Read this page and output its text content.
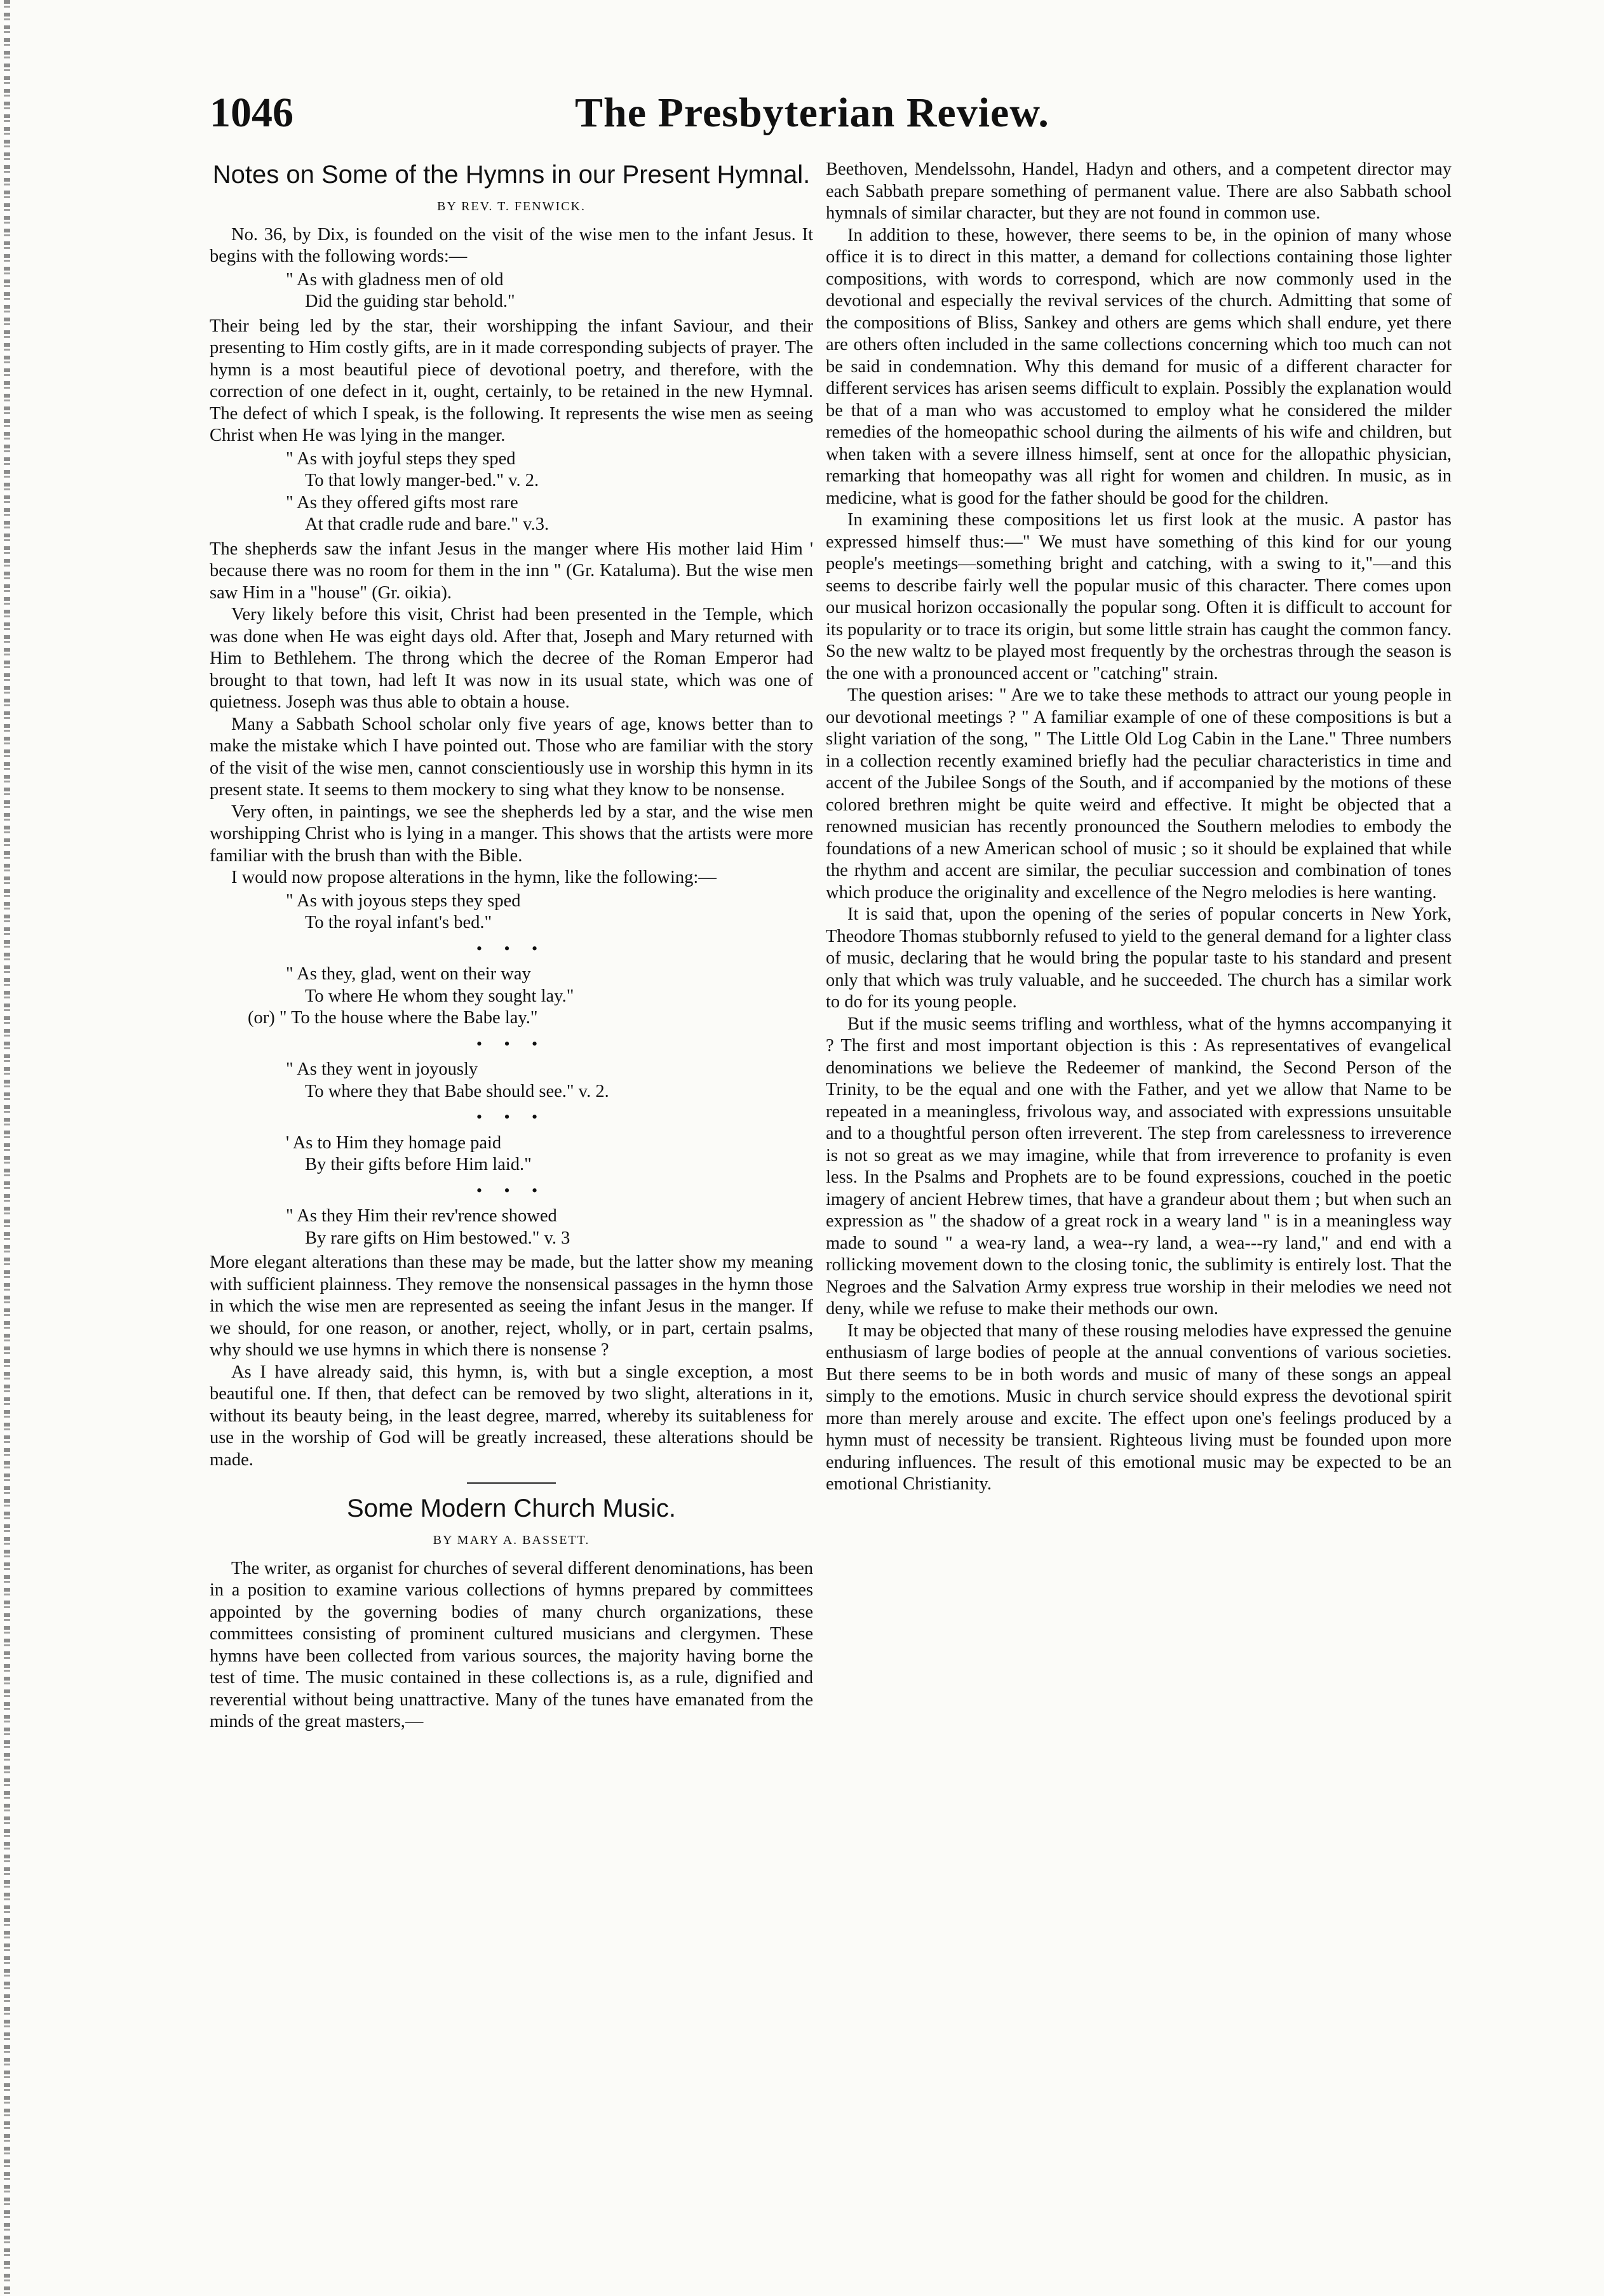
1046	The Presbyterian Review.
Notes on Some of the Hymns in our Present Hymnal.
BY REV. T. FENWICK.

No. 36, by Dix, is founded on the visit of the wise men to the infant Jesus. It begins with the following words:—

" As with gladness men of old
Did the guiding star behold."

Their being led by the star, their worshipping the infant Saviour, and their presenting to Him costly gifts, are in it made corresponding subjects of prayer. The hymn is a most beautiful piece of devotional poetry, and therefore, with the correction of one defect in it, ought, certainly, to be retained in the new Hymnal. The defect of which I speak, is the following. It represents the wise men as seeing Christ when He was lying in the manger.

" As with joyful steps they sped
To that lowly manger-bed." v. 2.
" As they offered gifts most rare
At that cradle rude and bare." v.3.

The shepherds saw the infant Jesus in the manger where His mother laid Him ' because there was no room for them in the inn " (Gr. Kataluma). But the wise men saw Him in a "house" (Gr. oikia).

Very likely before this visit, Christ had been presented in the Temple, which was done when He was eight days old. After that, Joseph and Mary returned with Him to Bethlehem. The throng which the decree of the Roman Emperor had brought to that town, had left It was now in its usual state, which was one of quietness. Joseph was thus able to obtain a house.

Many a Sabbath School scholar only five years of age, knows better than to make the mistake which I have pointed out. Those who are familiar with the story of the visit of the wise men, cannot conscientiously use in worship this hymn in its present state. It seems to them mockery to sing what they know to be nonsense.

Very often, in paintings, we see the shepherds led by a star, and the wise men worshipping Christ who is lying in a manger. This shows that the artists were more familiar with the brush than with the Bible.

I would now propose alterations in the hymn, like the following:—

" As with joyous steps they sped
To the royal infant's bed."
• • •
" As they, glad, went on their way
To where He whom they sought lay."
(or) " To the house where the Babe lay."
• • •
" As they went in joyously
To where they that Babe should see." v. 2.
• • •
' As to Him they homage paid
By their gifts before Him laid."
• • •
" As they Him their rev'rence showed
By rare gifts on Him bestowed." v. 3

More elegant alterations than these may be made, but the latter show my meaning with sufficient plainness. They remove the nonsensical passages in the hymn those in which the wise men are represented as seeing the infant Jesus in the manger. If we should, for one reason, or another, reject, wholly, or in part, certain psalms, why should we use hymns in which there is nonsense ?

As I have already said, this hymn, is, with but a single exception, a most beautiful one. If then, that defect can be removed by two slight, alterations in it, without its beauty being, in the least degree, marred, whereby its suitableness for use in the worship of God will be greatly increased, these alterations should be made.

Some Modern Church Music.
BY MARY A. BASSETT.

The writer, as organist for churches of several different denominations, has been in a position to examine various collections of hymns prepared by committees appointed by the governing bodies of many church organizations, these committees consisting of prominent cultured musicians and clergymen. These hymns have been collected from various sources, the majority having borne the test of time. The music contained in these collections is, as a rule, dignified and reverential without being unattractive. Many of the tunes have emanated from the minds of the great masters,—

Beethoven, Mendelssohn, Handel, Hadyn and others, and a competent director may each Sabbath prepare something of permanent value. There are also Sabbath school hymnals of similar character, but they are not found in common use.

In addition to these, however, there seems to be, in the opinion of many whose office it is to direct in this matter, a demand for collections containing those lighter compositions, with words to correspond, which are now commonly used in the devotional and especially the revival services of the church. Admitting that some of the compositions of Bliss, Sankey and others are gems which shall endure, yet there are others often included in the same collections concerning which too much can not be said in condemnation. Why this demand for music of a different character for different services has arisen seems difficult to explain. Possibly the explanation would be that of a man who was accustomed to employ what he considered the milder remedies of the homeopathic school during the ailments of his wife and children, but when taken with a severe illness himself, sent at once for the allopathic physician, remarking that homeopathy was all right for women and children. In music, as in medicine, what is good for the father should be good for the children.

In examining these compositions let us first look at the music. A pastor has expressed himself thus:—" We must have something of this kind for our young people's meetings—something bright and catching, with a swing to it,"—and this seems to describe fairly well the popular music of this character. There comes upon our musical horizon occasionally the popular song. Often it is difficult to account for its popularity or to trace its origin, but some little strain has caught the common fancy. So the new waltz to be played most frequently by the orchestras through the season is the one with a pronounced accent or "catching" strain.

The question arises: " Are we to take these methods to attract our young people in our devotional meetings ? " A familiar example of one of these compositions is but a slight variation of the song, " The Little Old Log Cabin in the Lane." Three numbers in a collection recently examined briefly had the peculiar characteristics in time and accent of the Jubilee Songs of the South, and if accompanied by the motions of these colored brethren might be quite weird and effective. It might be objected that a renowned musician has recently pronounced the Southern melodies to embody the foundations of a new American school of music ; so it should be explained that while the rhythm and accent are similar, the peculiar succession and combination of tones which produce the originality and excellence of the Negro melodies is here wanting.

It is said that, upon the opening of the series of popular concerts in New York, Theodore Thomas stubbornly refused to yield to the general demand for a lighter class of music, declaring that he would bring the popular taste to his standard and present only that which was truly valuable, and he succeeded. The church has a similar work to do for its young people.

But if the music seems trifling and worthless, what of the hymns accompanying it ? The first and most important objection is this : As representatives of evangelical denominations we believe the Redeemer of mankind, the Second Person of the Trinity, to be the equal and one with the Father, and yet we allow that Name to be repeated in a meaningless, frivolous way, and associated with expressions unsuitable and to a thoughtful person often irreverent. The step from carelessness to irreverence is not so great as we may imagine, while that from irreverence to profanity is even less. In the Psalms and Prophets are to be found expressions, couched in the poetic imagery of ancient Hebrew times, that have a grandeur about them ; but when such an expression as " the shadow of a great rock in a weary land " is in a meaningless way made to sound " a wea-ry land, a wea--ry land, a wea---ry land," and end with a rollicking movement down to the closing tonic, the sublimity is entirely lost. That the Negroes and the Salvation Army express true worship in their melodies we need not deny, while we refuse to make their methods our own.

It may be objected that many of these rousing melodies have expressed the genuine enthusiasm of large bodies of people at the annual conventions of various societies. But there seems to be in both words and music of many of these songs an appeal simply to the emotions. Music in church service should express the devotional spirit more than merely arouse and excite. The effect upon one's feelings produced by a hymn must of necessity be transient. Righteous living must be founded upon more enduring influences. The result of this emotional music may be expected to be an emotional Christianity.
